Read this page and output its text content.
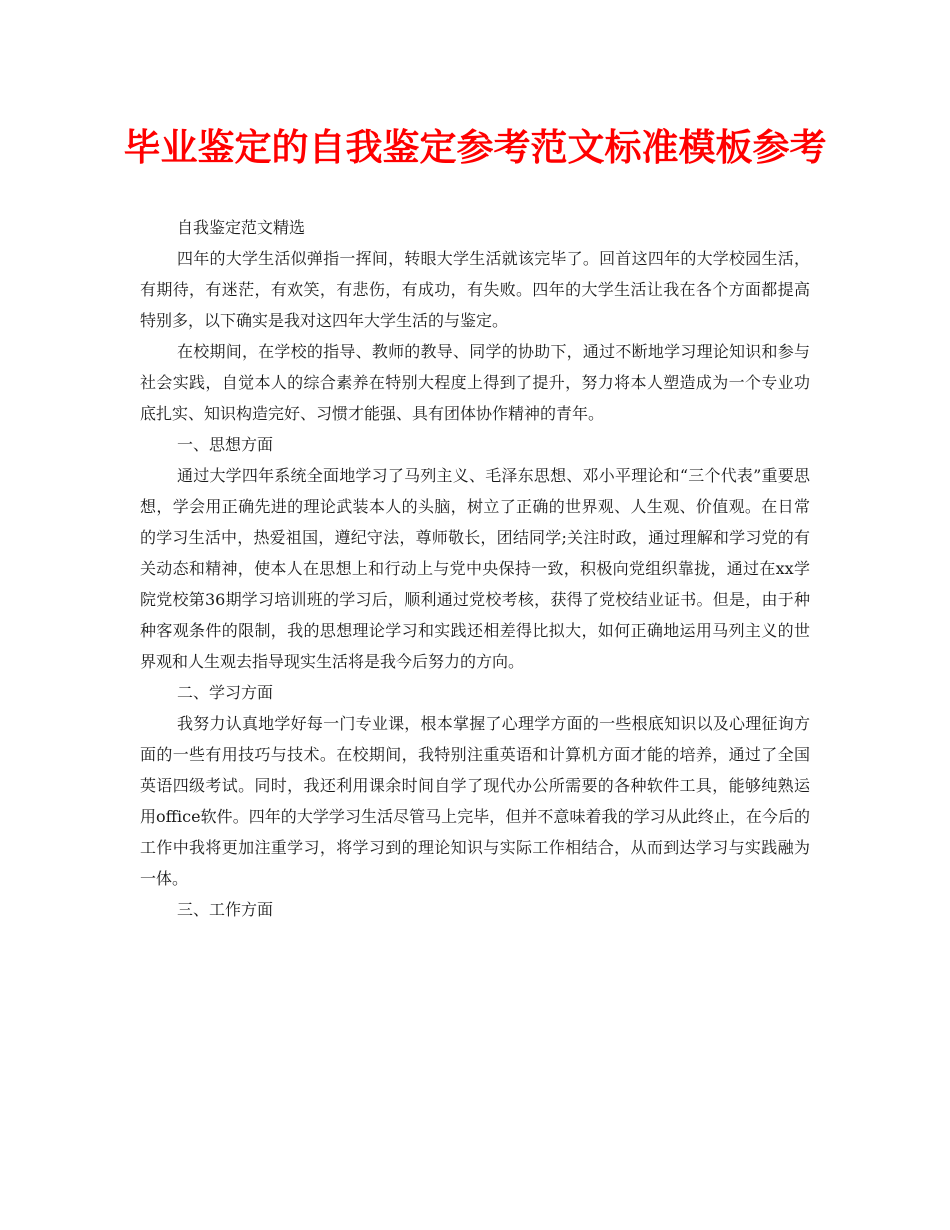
毕业鉴定的自我鉴定参考范文标准模板参考

自我鉴定范文精选

四年的大学生活似弹指一挥间，转眼大学生活就该完毕了。回首这四年的大学校园生活，有期待，有迷茫，有欢笑，有悲伤，有成功，有失败。四年的大学生活让我在各个方面都提高特别多，以下确实是我对这四年大学生活的与鉴定。

在校期间，在学校的指导、教师的教导、同学的协助下，通过不断地学习理论知识和参与社会实践，自觉本人的综合素养在特别大程度上得到了提升，努力将本人塑造成为一个专业功底扎实、知识构造完好、习惯才能强、具有团体协作精神的青年。

一、思想方面

通过大学四年系统全面地学习了马列主义、毛泽东思想、邓小平理论和“三个代表”重要思想，学会用正确先进的理论武装本人的头脑，树立了正确的世界观、人生观、价值观。在日常的学习生活中，热爱祖国，遵纪守法，尊师敬长，团结同学;关注时政，通过理解和学习党的有关动态和精神，使本人在思想上和行动上与党中央保持一致，积极向党组织靠拢，通过在xx学院党校第36期学习培训班的学习后，顺利通过党校考核，获得了党校结业证书。但是，由于种种客观条件的限制，我的思想理论学习和实践还相差得比拟大，如何正确地运用马列主义的世界观和人生观去指导现实生活将是我今后努力的方向。

二、学习方面

我努力认真地学好每一门专业课，根本掌握了心理学方面的一些根底知识以及心理征询方面的一些有用技巧与技术。在校期间，我特别注重英语和计算机方面才能的培养，通过了全国英语四级考试。同时，我还利用课余时间自学了现代办公所需要的各种软件工具，能够纯熟运用office软件。四年的大学学习生活尽管马上完毕，但并不意味着我的学习从此终止，在今后的工作中我将更加注重学习，将学习到的理论知识与实际工作相结合，从而到达学习与实践融为一体。

三、工作方面
